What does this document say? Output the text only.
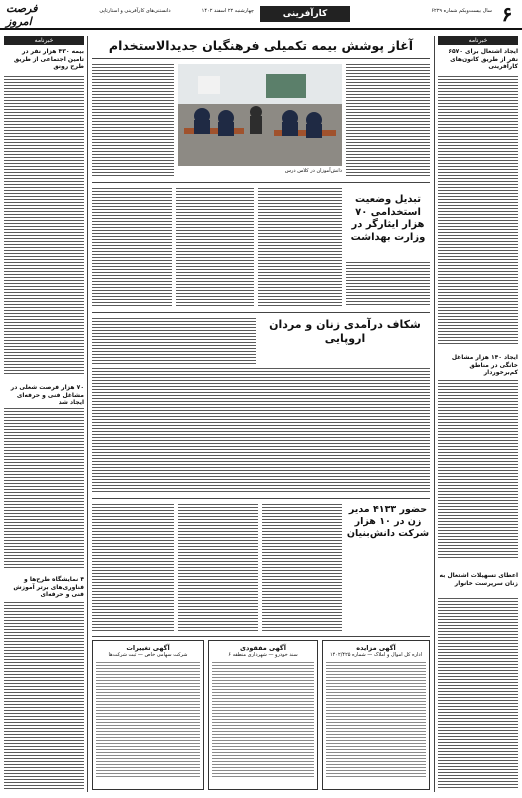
۶
کارآفرینی	سال بیست‌ویکم شماره ۶۲۲۹
چهارشنبه ۲۲ اسفند ۱۴۰۲
فرصت امروز
دانستنی‌های کارآفرینی و استارتاپی
خبرنامه
بیمه ۴۳۰ هزار نفر در تامین اجتماعی از طریق طرح رونق
۷۰ هزار فرصت شغلی در مشاغل فنی و حرفه‌ای ایجاد شد
۴ نمایشگاه طرح‌ها و فناوری‌های برتر آموزش فنی و حرفه‌ای
خبرنامه
ایجاد اشتغال برای ۶۵۷۰ نفر از طریق کانون‌های کارآفرینی
ایجاد ۱۴۰ هزار مشاغل خانگی در مناطق کم‌برخوردار
اعطای تسهیلات اشتغال به زنان سرپرست خانوار
آغاز پوشش بیمه تکمیلی فرهنگیان جدیدالاستخدام
دانش‌آموزان در کلاس درس
تبدیل وضعیت استخدامی ۷۰ هزار ایثارگر در وزارت بهداشت
شکاف درآمدی زنان و مردان اروپایی
حضور ۴۱۳۳ مدیر زن در ۱۰ هزار شرکت دانش‌بنیان
آگهی مزایده
اداره کل اموال و املاک — شماره ۱۴۰۲/۴۲۵
آگهی مفقودی
سند خودرو — شهرداری منطقه ۶
آگهی تغییرات
شرکت سهامی خاص — ثبت شرکت‌ها
